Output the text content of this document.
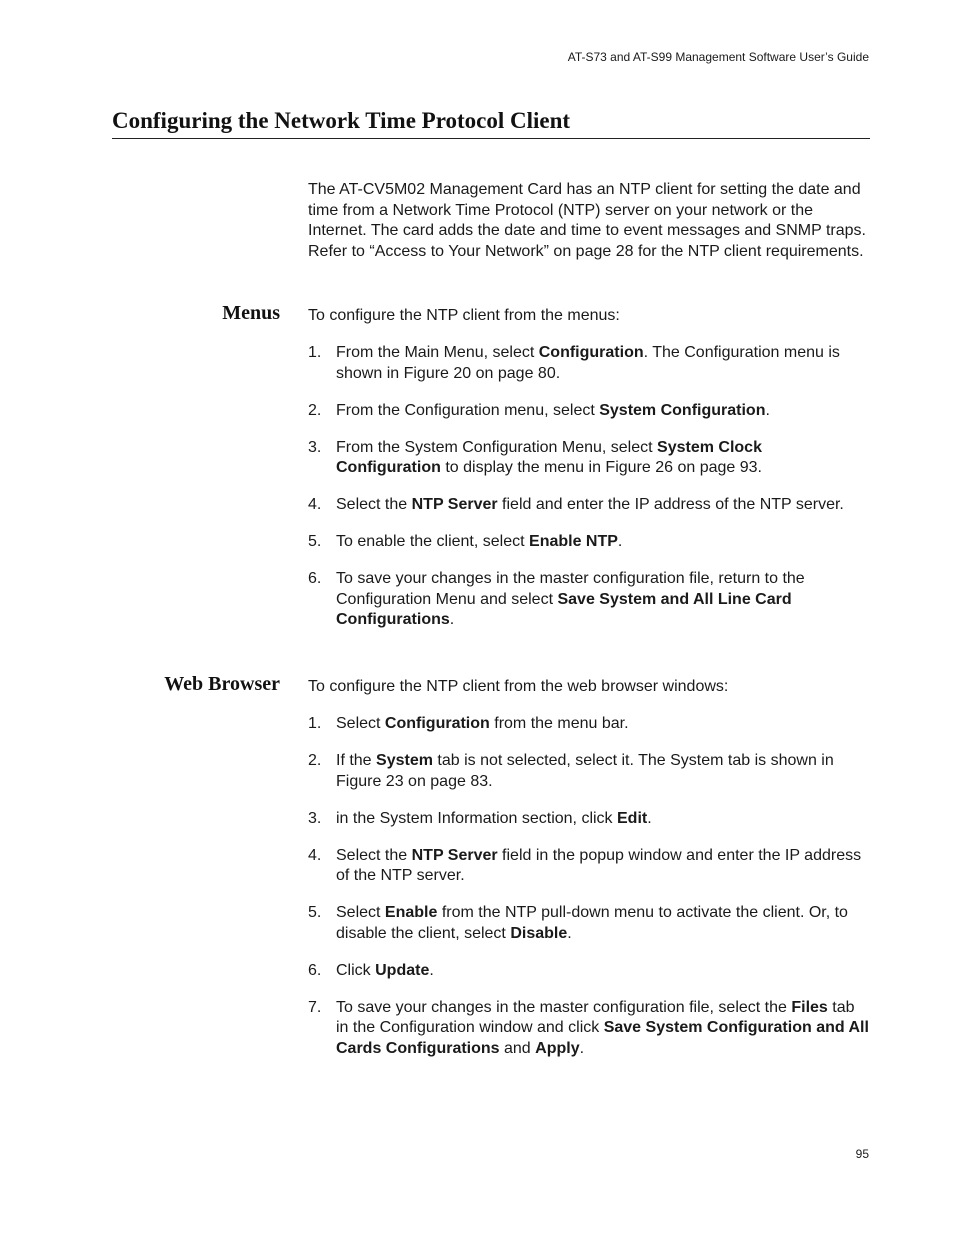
AT-S73 and AT-S99 Management Software User’s Guide
Configuring the Network Time Protocol Client

The AT-CV5M02 Management Card has an NTP client for setting the date and time from a Network Time Protocol (NTP) server on your network or the Internet. The card adds the date and time to event messages and SNMP traps. Refer to “Access to Your Network” on page 28 for the NTP client requirements.

Menus To configure the NTP client from the menus:

1. From the Main Menu, select Configuration. The Configuration menu is shown in Figure 20 on page 80.
2. From the Configuration menu, select System Configuration.
3. From the System Configuration Menu, select System Clock Configuration to display the menu in Figure 26 on page 93.
4. Select the NTP Server field and enter the IP address of the NTP server.
5. To enable the client, select Enable NTP.
6. To save your changes in the master configuration file, return to the Configuration Menu and select Save System and All Line Card Configurations.
Web Browser To configure the NTP client from the web browser windows:

1. Select Configuration from the menu bar.
2. If the System tab is not selected, select it. The System tab is shown in Figure 23 on page 83.
3. in the System Information section, click Edit.
4. Select the NTP Server field in the popup window and enter the IP address of the NTP server.
5. Select Enable from the NTP pull-down menu to activate the client. Or, to disable the client, select Disable.
6. Click Update.
7. To save your changes in the master configuration file, select the Files tab in the Configuration window and click Save System Configuration and All Cards Configurations and Apply.
95
